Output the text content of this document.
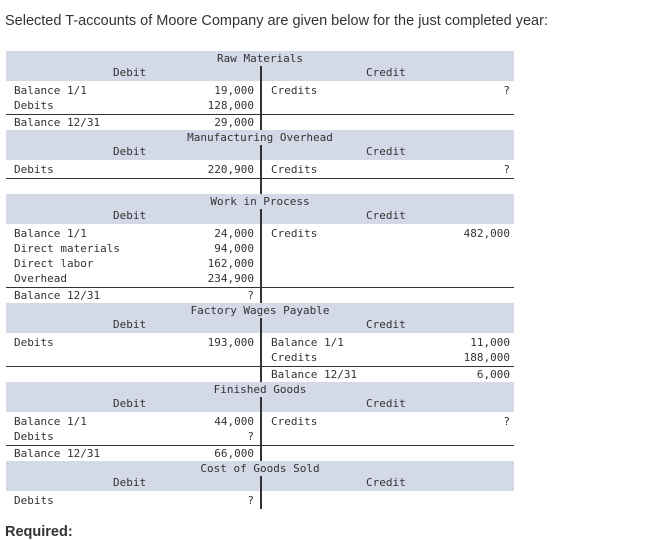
Selected T-accounts of Moore Company are given below for the just completed year:
Raw Materials
Debit	Credit
Balance 1/1	19,000 Credits	?
Debits	128,000
Balance 12/31	29,000
Manufacturing Overhead
Debit	Credit
Debits	220,900 Credits	?
Work in Process
Debit	Credit
Balance 1/1	24,000 Credits	482,000
Direct materials	94,000
Direct labor	162,000
Overhead	234,900
Balance 12/31	?
Factory Wages Payable
Debit	Credit
Debits	193,000 Balance 1/1	11,000
Credits	188,000
Balance 12/31	6,000
Finished Goods
Debit	Credit
Balance 1/1	44,000 Credits	?
Debits	?
Balance 12/31	66,000
Cost of Goods Sold
Debit	Credit
Debits	?
Required:
